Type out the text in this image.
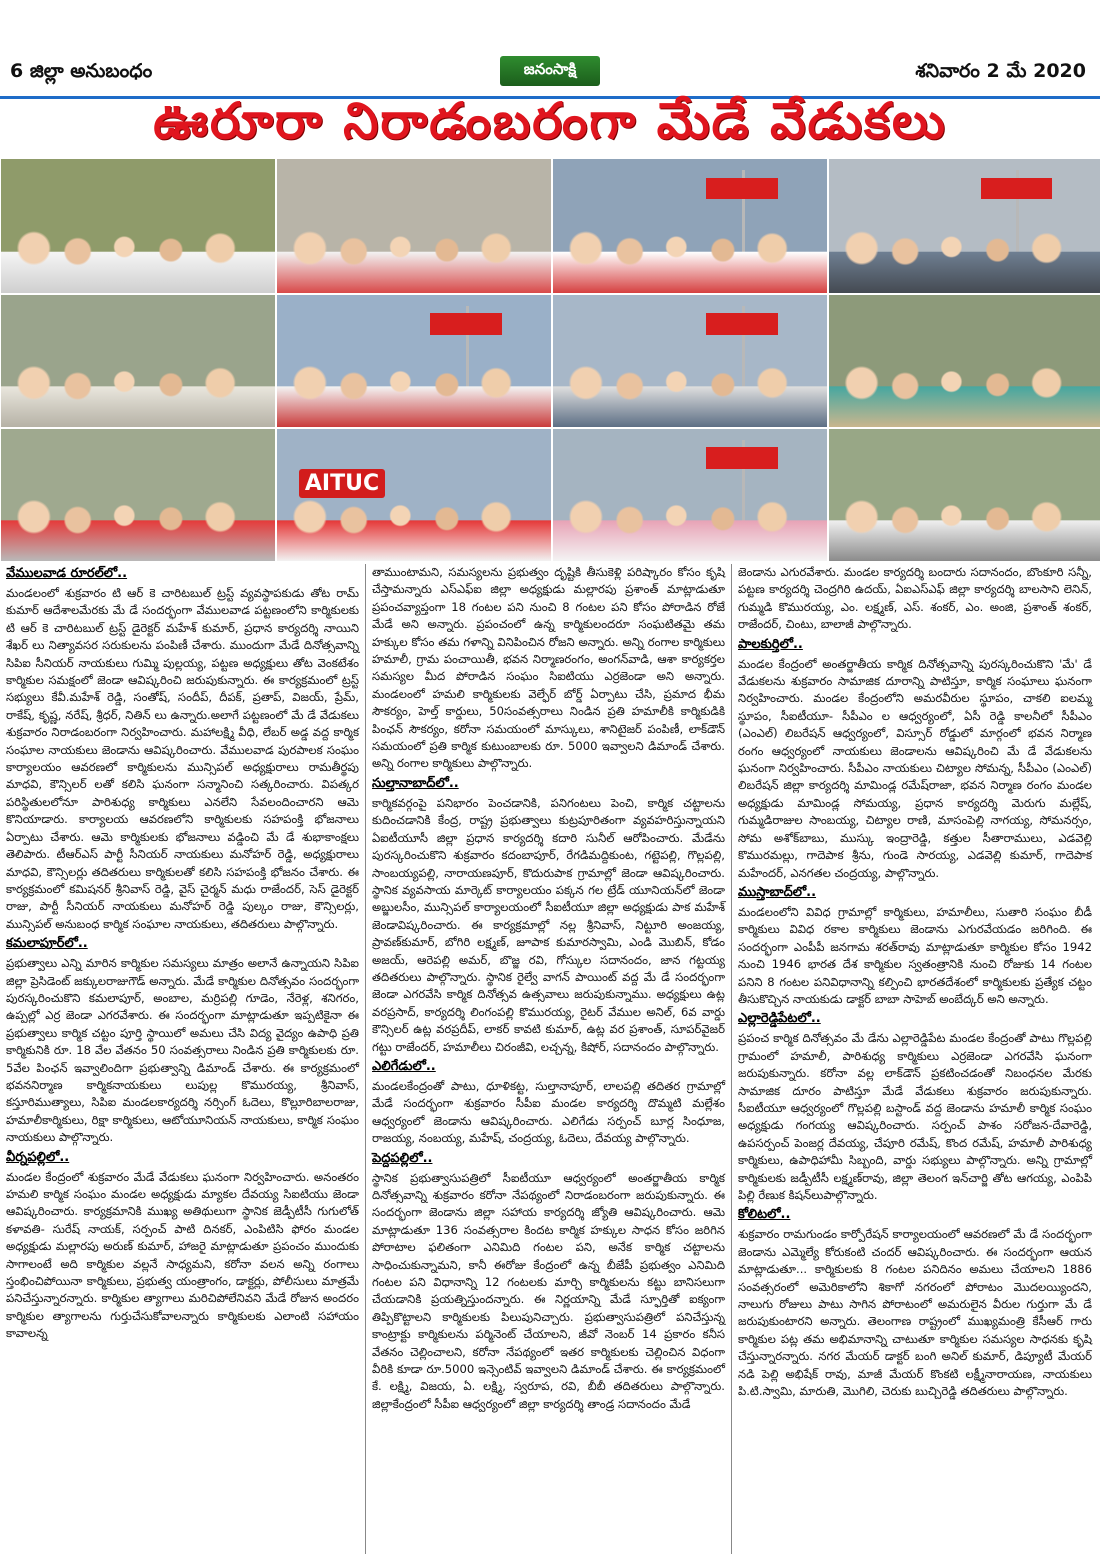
6 జిల్లా అనుబంధం	జనంసాక్షి	శనివారం 2 మే 2020
ఊరూరా నిరాడంబరంగా మేడే వేడుకలు
AITUC
వేములవాడ రూరల్‌లో..

మండలంలో శుక్రవారం టి ఆర్ కె చారిటబుల్ ట్రస్ట్ వ్యవస్థాపకుడు తోట రామ్ కుమార్ ఆదేశాలమేరకు మే డే సందర్భంగా వేములవాడ పట్టణంలోని కార్మికులకు టి ఆర్ కె చారిటబుల్ ట్రస్ట్ డైరెక్టర్ మహేశ్ కుమార్, ప్రధాన కార్యదర్శి నాయిని శేఖర్ లు నిత్యావసర సరుకులను పంపిణీ చేశారు. ముందుగా మేడే దినోత్సవాన్ని సిపిఐ సీనియర్ నాయకులు గుమ్మి పుల్లయ్య, పట్టణ అధ్యక్షులు తోట వెంకటేశం కార్మికుల సమక్షంలో జెండా ఆవిష్కరించి జరుపుకున్నారు. ఈ కార్యక్రమంలో ట్రస్ట్ సభ్యులు కేవీ.మహేశ్ రెడ్డి, సంతోష్, సందీప్, దీపక్, ప్రతాప్, విజయ్, ప్రేమ్, రాకేష్, కృష్ణ, నరేష్, శ్రీధర్, నితిన్ లు ఉన్నారు.అలాగే పట్టణంలో మే డే వేడుకలు శుక్రవారం నిరాడంబరంగా నిర్వహించారు. మహాలక్ష్మి వీధి, లేబర్ అడ్డ వద్ద కార్మిక సంఘాల నాయకులు జెండాను ఆవిష్కరించారు. వేములవాడ పురపాలక సంఘం కార్యాలయం ఆవరణలో కార్మికులను మున్సిపల్ అధ్యక్షురాలు రామతీర్థపు మాధవి, కౌన్సిలర్ లతో కలిసి ఘనంగా సన్మానించి సత్కరించారు. విపత్కర పరిస్థితులలోనూ పారిశుధ్య కార్మికులు ఎనలేని సేవలందించారని ఆమె కొనియాడారు. కార్యాలయ ఆవరణలోని కార్మికులకు సహపంక్తి భోజనాలు ఏర్పాటు చేశారు. ఆమె కార్మికులకు భోజనాలు వడ్డించి మే డే శుభాకాంక్షలు తెలిపారు. టీఆర్ఎస్ పార్టీ సీనియర్ నాయకులు మనోహర్ రెడ్డి, అధ్యక్షురాలు మాధవి, కౌన్సిలర్లు తదితరులు కార్మికులతో కలిసి సహపంక్తి భోజనం చేశారు. ఈ కార్యక్రమంలో కమిషనర్ శ్రీనివాస్ రెడ్డి, వైస్ చైర్మన్ మధు రాజేందర్, సెస్ డైరెక్టర్ రాజు, పార్టీ సీనియర్ నాయకులు మనోహర్ రెడ్డి పుల్కం రాజు, కౌన్సిలర్లు, మున్సిపల్ అనుబంధ కార్మిక సంఘాల నాయకులు, తదితరులు పాల్గొన్నారు.

కమలాపూర్‌లో..

ప్రభుత్వాలు ఎన్ని మారిన కార్మికుల సమస్యలు మాత్రం అలానే ఉన్నాయని సిపిఐ జిల్లా ప్రెసిడెంట్ జక్కులరాజుగౌడ్ అన్నారు. మేడే కార్మికుల దినోత్సవం సందర్భంగా పురస్కరించుకొని కమలాపూర్, అంబాల, మర్రిపల్లి గూడెం, నేరెళ్ల, శనిగరం, ఉప్పల్లో ఎర్ర జెండా ఎగరవేశారు. ఈ సందర్భంగా మాట్లాడుతూ ఇప్పటికైనా ఈ ప్రభుత్వాలు కార్మిక చట్టం పూర్తి స్థాయిలో అమలు చేసి విద్య వైద్యం ఉపాధి ప్రతి కార్మికునికి రూ. 18 వేల వేతనం 50 సంవత్సరాలు నిండిన ప్రతి కార్మికులకు రూ. 5వేల పింఛన్ ఇవ్వాలిందిగా ప్రభుత్వాన్ని డిమాండ్ చేశారు. ఈ కార్యక్రమంలో భవననిర్మాణ కార్మికనాయకులు లుపుల్ల కొమురయ్య, శ్రీనివాస్, కస్తూరిముత్యాలు, సిపిఐ మండలకార్యదర్శి నర్సింగ్ ఓదెలు, కొల్లూరిబాలరాజు, హమాలీకార్మికులు, రిక్షా కార్మికులు, ఆటోయూనియన్ నాయకులు, కార్మిక సంఘం నాయకులు పాల్గొన్నారు.

వీర్నపల్లిలో..

మండల కేంద్రంలో శుక్రవారం మేడే వేడుకలు ఘనంగా నిర్వహించారు. అనంతరం హమలి కార్మిక సంఘం మండల అధ్యక్షుడు మ్యాకల దేవయ్య సిఐటియు జెండా ఆవిష్కరించారు. కార్యక్రమానికి ముఖ్య అతిథులుగా స్థానిక జెడ్పీటీసీ గుగులోత్ కళావతి- సురేష్ నాయక్, సర్పంచ్ పాటి దినకర్, ఎంపిటిసి ఫోరం మండల అధ్యక్షుడు మల్లారపు అరుణ్ కుమార్, హాజరై మాట్లాడుతూ ప్రపంచం ముందుకు సాగాలంటే అది కార్మికుల వల్లనే సాధ్యమని, కరోనా వలన అన్ని రంగాలు స్తంభించిపోయినా కార్మికులు, ప్రభుత్వ యంత్రాంగం, డాక్టర్లు, పోలీసులు మాత్రమే పనిచేస్తున్నారన్నారు. కార్మికుల త్యాగాలు మరిచిపోలేనివని మేడే రోజున అందరం కార్మికుల త్యాగాలను గుర్తుచేసుకోవాలన్నారు కార్మికులకు ఎలాంటి సహాయం కావాలన్న

తాముంటామని, సమస్యలను ప్రభుత్వం దృష్టికి తీసుకెళ్లి పరిష్కారం కోసం కృషి చేస్తామన్నారు ఎస్ఎఫ్ఐ జిల్లా అధ్యక్షుడు మల్లారపు ప్రశాంత్ మాట్లాడుతూ ప్రపంచవ్యాప్తంగా 18 గంటల పని నుంచి 8 గంటల పని కోసం పోరాడిన రోజే మేడే అని అన్నారు. ప్రపంచంలో ఉన్న కార్మికులందరూ సంఘటితమై తమ హక్కుల కోసం తమ గళాన్ని వినిపించిన రోజని అన్నారు. అన్ని రంగాల కార్మికులు హమాలీ, గ్రామ పంచాయితీ, భవన నిర్మాణరంగం, అంగన్‌వాడి, ఆశా కార్యకర్తల సమస్యల మీద పోరాడిన సంఘం సిఐటియు ఎర్రజెండా అని అన్నారు. మండలంలో హమలి కార్మికులకు వెల్ఫేర్ బోర్డ్ ఏర్పాటు చేసి, ప్రమాద భీమ సౌకర్యం, హెల్త్ కార్డులు, 50సంవత్సరాలు నిండిన ప్రతి హమాలీకి కార్మికుడికి పింఛన్ సౌకర్యం, కరోనా సమయంలో మాస్కులు, శానిటైజర్ పంపిణీ, లాక్‌డౌన్ సమయంలో ప్రతి కార్మిక కుటుంబాలకు రూ. 5000 ఇవ్వాలని డిమాండ్ చేశారు. అన్ని రంగాల కార్మికులు పాల్గొన్నారు.

సుల్తానాబాద్‌లో..

కార్మికవర్గంపై పనిభారం పెంచడానికి, పనిగంటలు పెంచి, కార్మిక చట్టాలను కుదించడానికి కేంద్ర, రాష్ట్ర ప్రభుత్వాలు కుట్రపూరితంగా వ్యవహరిస్తున్నాయని ఏఐటీయూసీ జిల్లా ప్రధాన కార్యదర్శి కదారి సునీల్ ఆరోపించారు. మేడేను పురస్కరించుకొని శుక్రవారం కదంబాపూర్, రేగడిమద్దికుంట, గట్టెపల్లి, గొల్లపల్లి, సాంబయ్యపల్లి, నారాయణపూర్, కొదురుపాక గ్రామాల్లో జెండా ఆవిష్కరించారు. స్థానిక వ్యవసాయ మార్కెట్ కార్యాలయం పక్కన గల ట్రేడ్ యూనియన్‌లో జెండా అబ్జులసీం, మున్సిపల్ కార్యాలయంలో సీఐటీయూ జిల్లా అధ్యక్షుడు పాక మహేశ్ జెండావిష్కరించారు. ఈ కార్యక్రమాల్లో నల్ల శ్రీనివాస్, నిట్టూరి అంజయ్య, ప్రావణ్‌కుమార్, బోగిరి లక్ష్మణ్, జూపాక కుమారస్వామి, ఎండి మొబిన్, కోడం అజయ్, ఆరెపల్లి అమర్, బొజ్జ రవి, గోస్కుల సదానందం, జాన గట్టయ్య తదితరులు పాల్గొన్నారు. స్థానిక రైల్వే వాగన్ పాయింట్ వద్ద మే డే సందర్భంగా జెండా ఎగరవేసి కార్మిక దినోత్సవ ఉత్సవాలు జరుపుకున్నాము. అధ్యక్షులు ఉట్ల వరప్రసాద్, కార్యదర్శి లింగంపల్లి కొమురయ్య, రైటర్ వేముల అనిల్, 6వ వార్డు కౌన్సిలర్ ఉట్ల వరప్రదీప్, లాకర్ కావటి కుమార్, ఉట్ల వర ప్రశాంత్, సూపర్‌వైజర్ గట్టు రాజేందర్, హమాలీలు చిరంజీవి, లచ్చన్న, కిషోర్, సదానందం పాల్గొన్నారు.

ఎలిగేడులో..

మండలకేంద్రంతో పాటు, ధూళికట్ట, సుల్తానాపూర్, లాలపల్లి తదితర గ్రామాల్లో మేడే సందర్భంగా శుక్రవారం సీపీఐ మండల కార్యదర్శి దొమ్మటి మల్లేశం ఆధ్వర్యంలో జెండాను ఆవిష్కరించారు. ఎలిగేడు సర్పంచ్ బూర్ల సింధూజ, రాజయ్య, నంబయ్య, మహేష్, చంద్రయ్య, ఓదెలు, దేవయ్య పాల్గొన్నారు.

పెద్దపల్లిలో..

స్థానిక ప్రభుత్వాసుపత్రిలో సీఐటీయూ ఆధ్వర్యంలో అంతర్జాతీయ కార్మిక దినోత్సవాన్ని శుక్రవారం కరోనా నేపథ్యంలో నిరాడంబరంగా జరుపుకున్నారు. ఈ సందర్భంగా జెండాను జిల్లా సహాయ కార్యదర్శి జ్యోతి ఆవిష్కరించారు. ఆమె మాట్లాడుతూ 136 సంవత్సరాల కిందట కార్మిక హక్కుల సాధన కోసం జరిగిన పోరాటాల ఫలితంగా ఎనిమిది గంటల పని, అనేక కార్మిక చట్టాలను సాధించుకున్నామని, కానీ ఈరోజు కేంద్రంలో ఉన్న బీజేపీ ప్రభుత్వం ఎనిమిది గంటల పని విధానాన్ని 12 గంటలకు మార్చి కార్మికులను కట్టు బానిసలుగా చేయడానికి ప్రయత్నిస్తుందన్నారు. ఈ నిర్ణయాన్ని మేడే స్ఫూర్తితో ఐక్యంగా తిప్పికొట్టాలని కార్మికులకు పిలుపునిచ్చారు. ప్రభుత్వాసుపత్రిలో పనిచేస్తున్న కాంట్రాక్టు కార్మికులను పర్మినెంట్ చేయాలని, జీవో నెంబర్ 14 ప్రకారం కనీస వేతనం చెల్లించాలని, కరోనా నేపథ్యంలో ఇతర కార్మికులకు చెల్లించిన విధంగా వీరికి కూడా రూ.5000 ఇన్సెంటివ్ ఇవ్వాలని డిమాండ్ చేశారు. ఈ కార్యక్రమంలో కే. లక్ష్మి, విజయ, ఏ. లక్ష్మి, స్వరూప, రవి, బీబీ తదితరులు పాల్గొన్నారు. జిల్లాకేంద్రంలో సీపీఐ ఆధ్వర్యంలో జిల్లా కార్యదర్శి తాండ్ర సదానందం మేడే

జెండాను ఎగురవేశారు. మండల కార్యదర్శి బందారు సదానందం, బొంకూరి సన్నీ, పట్టణ కార్యదర్శి చెంద్రగిరి ఉదయ్, ఏఐఎస్ఎఫ్ జిల్లా కార్యదర్శి బాలసాని లెనిన్, గుమ్మడి కొమురయ్య, ఎం. లక్ష్మణ్, ఎస్. శంకర్, ఎం. అంజి, ప్రశాంత్ శంకర్, రాజేందర్, చింటు, బాలాజీ పాల్గొన్నారు.

పాలకుర్తిలో..

మండల కేంద్రంలో అంతర్జాతీయ కార్మిక దినోత్సవాన్ని పురస్కరించుకొని 'మే' డే వేడుకలను శుక్రవారం సామాజిక దూరాన్ని పాటిస్తూ, కార్మిక సంఘాలు ఘనంగా నిర్వహించారు. మండల కేంద్రంలోని అమరవీరుల స్థూపం, చాకలి ఐలమ్మ స్థూపం, సీఐటీయూ- సీపీఎం ల ఆధ్వర్యంలో, ఏసీ రెడ్డి కాలనీలో సీపీఎం (ఎంఎల్) లిబరేషన్ ఆధ్వర్యంలో, విస్సూర్ రోడ్డులో మార్గంలో భవన నిర్మాణ రంగం ఆధ్వర్యంలో నాయకులు జెండాలను ఆవిష్కరించి మే డే వేడుకలను ఘనంగా నిర్వహించారు. సీపీఎం నాయకులు చిట్యాల సోమన్న, సీపీఎం (ఎంఎల్) లిబరేషన్ జిల్లా కార్యదర్శి మామిండ్ల రమేష్‌రాజా, భవన నిర్మాణ రంగం మండల అధ్యక్షుడు మామిండ్ల సోమయ్య, ప్రధాన కార్యదర్శి మెరుగు మల్లేష్, గుమ్మడిరాజుల సాంబయ్య, చిట్యాల రాణి, మాసంపెల్లి నాగయ్య, సోమనర్సం, సోమ అశోక్‌బాబు, ముస్కు ఇంద్రారెడ్డి, కత్తుల సీతారాములు, ఎడవెల్లి కొమురమల్లు, గాదెపాక శ్రీను, గుండె సారయ్య, ఎడవెల్లి కుమార్, గాదెపాక మహేందర్, ఎనగతల చంద్రయ్య, పాల్గొన్నారు.

ముస్తాబాద్‌లో..

మండలంలోని వివిధ గ్రామాల్లో కార్మికులు, హమాలీలు, సుతారి సంఘం బీడీ కార్మికులు వివిధ రకాల కార్మికులు జెండాను ఎగురవేయడం జరిగింది. ఈ సందర్భంగా ఎంపీపీ జనగామ శరత్‌రావు మాట్లాడుతూ కార్మికుల కోసం 1942 నుంచి 1946 భారత దేశ కార్మికుల స్వతంత్రానికి నుంచి రోజుకు 14 గంటల పనిని 8 గంటల పనివిధానాన్ని కల్పించి భారతదేశంలో కార్మికులకు ప్రత్యేక చట్టం తీసుకొచ్చిన నాయకుడు డాక్టర్ బాబా సాహెబ్ అంబేద్కర్ అని అన్నారు.

ఎల్లారెడ్డిపేటలో..

ప్రపంచ కార్మిక దినోత్సవం మే డేను ఎల్లారెడ్డిపేట మండల కేంద్రంతో పాటు గొల్లపల్లి గ్రామంలో హమాలీ, పారిశుధ్య కార్మికులు ఎర్రజెండా ఎగరవేసి ఘనంగా జరుపుకున్నారు. కరోనా వల్ల లాక్‌డౌన్ ప్రకటించడంతో నిబంధనల మేరకు సామాజిక దూరం పాటిస్తూ మేడే వేడుకలు శుక్రవారం జరుపుకున్నారు. సీఐటీయూ ఆధ్వర్యంలో గొల్లపల్లి బస్టాండ్ వద్ద జెండాను హమాలీ కార్మిక సంఘం అధ్యక్షుడు గంగయ్య ఆవిష్కరించారు. సర్పంచ్ పాశం సరోజన-దేవారెడ్డి, ఉపసర్పంచ్ పెంజర్ల దేవయ్య, చేపూరి రమేష్, కొంద రమేష్, హమాలీ పారిశుధ్య కార్మికులు, ఉపాధిహామీ సిబ్బంది, వార్డు సభ్యులు పాల్గొన్నారు. అన్ని గ్రామాల్లో కార్మికులకు జడ్పీటీసీ లక్ష్మణ్‌రావు, జిల్లా తెలంగ ఇన్‌చార్జి తోట ఆగయ్య, ఎంపిపి పిల్లి రేణుక కిషన్‌లుపాల్గొన్నారు.

కోలిటలో..

శుక్రవారం రామగుండం కార్పోరేషన్ కార్యాలయంలో ఆవరణలో మే డే సందర్భంగా జెండాను ఎమ్మెల్యే కోరుకంటి చందర్ ఆవిష్కరించారు. ఈ సందర్భంగా ఆయన మాట్లాడుతూ... కార్మికులకు 8 గంటల పనిదినం అమలు చేయాలని 1886 సంవత్సరంలో అమెరికాలోని శికాగో నగరంలో పోరాటం మొదలయ్యిందని, నాలుగు రోజులు పాటు సాగిన పోరాటంలో అమరులైన వీరుల గుర్తుగా మే డే జరుపుకుంటారని అన్నారు. తెలంగాణ రాష్ట్రంలో ముఖ్యమంత్రి కేసీఆర్ గారు కార్మికుల పట్ల తమ అభిమానాన్ని చాటుతూ కార్మికుల సమస్యల సాధనకు కృషి చేస్తున్నారన్నారు. నగర మేయర్ డాక్టర్ బంగి అనిల్ కుమార్, డిప్యూటీ మేయర్ నడి పెల్లి అభిషేక్ రావు, మాజీ మేయర్ కొంకటి లక్ష్మీనారాయణ, నాయకులు పి.టి.స్వామి, మారుతి, మొగిలి, చెరుకు బుచ్చిరెడ్డి తదితరులు పాల్గొన్నారు.
